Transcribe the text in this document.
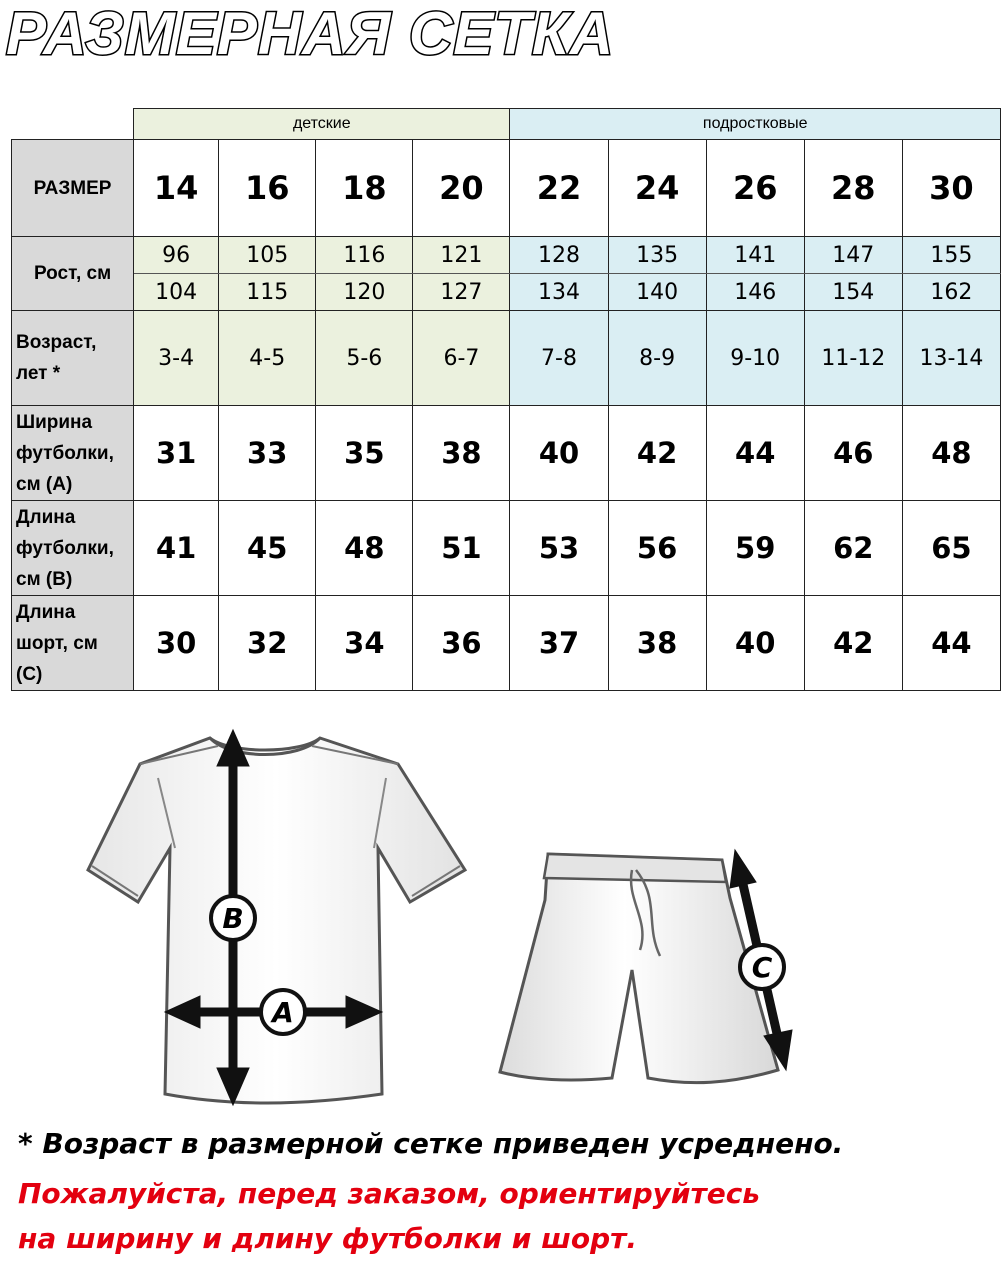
РАЗМЕРНАЯ СЕТКА
	детские				подростковые				
РАЗМЕР	14	16	18	20	22	24	26	28	30
Рост, см	96	105	116	121	128	135	141	147	155
	104	115	120	127	134	140	146	154	162
Возраст,
лет *	3-4	4-5	5-6	6-7	7-8	8-9	9-10	11-12	13-14
Ширина
футболки,
см (А)	31	33	35	38	40	42	44	46	48
Длина
футболки,
см (В)	41	45	48	51	53	56	59	62	65
Длина
шорт, см
(С)	30	32	34	36	37	38	40	42	44
B
A
C

* Возраст в размерной сетке приведен усреднено.

Пожалуйста, перед заказом, ориентируйтесь

на ширину и длину футболки и шорт.
